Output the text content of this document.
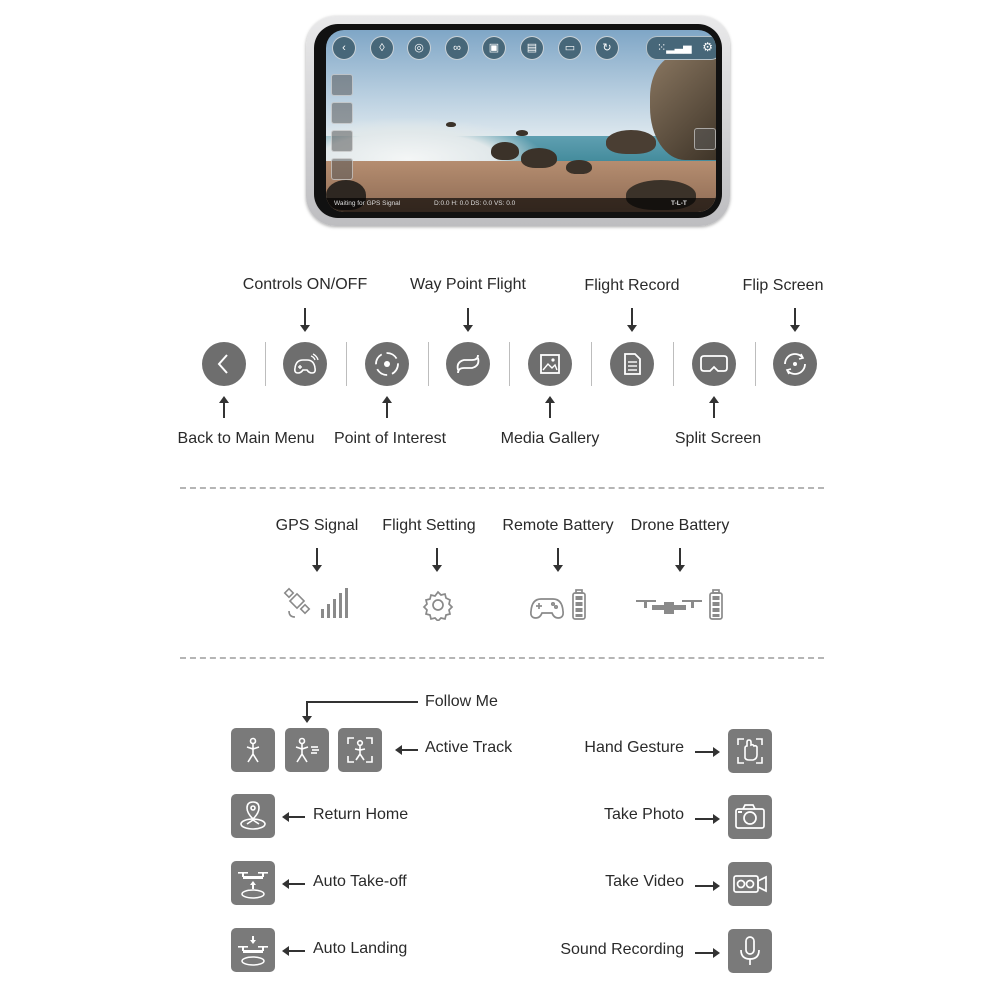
‹	◊	◎	∞	▣	▤	▭	↻	⁙▂▃▅ ⚙
Waiting for GPS Signal	D:0.0 H: 0.0 DS: 0.0 VS: 0.0	T-L-T
Controls ON/OFF	Way Point Flight	Flight Record	Flip Screen
Back to Main Menu Point of Interest	Media Gallery	Split Screen
GPS Signal Flight Setting Remote Battery Drone Battery
Follow Me
Active Track
Return Home
Auto Take-off
Auto Landing
Hand Gesture
Take Photo
Take Video
Sound Recording
